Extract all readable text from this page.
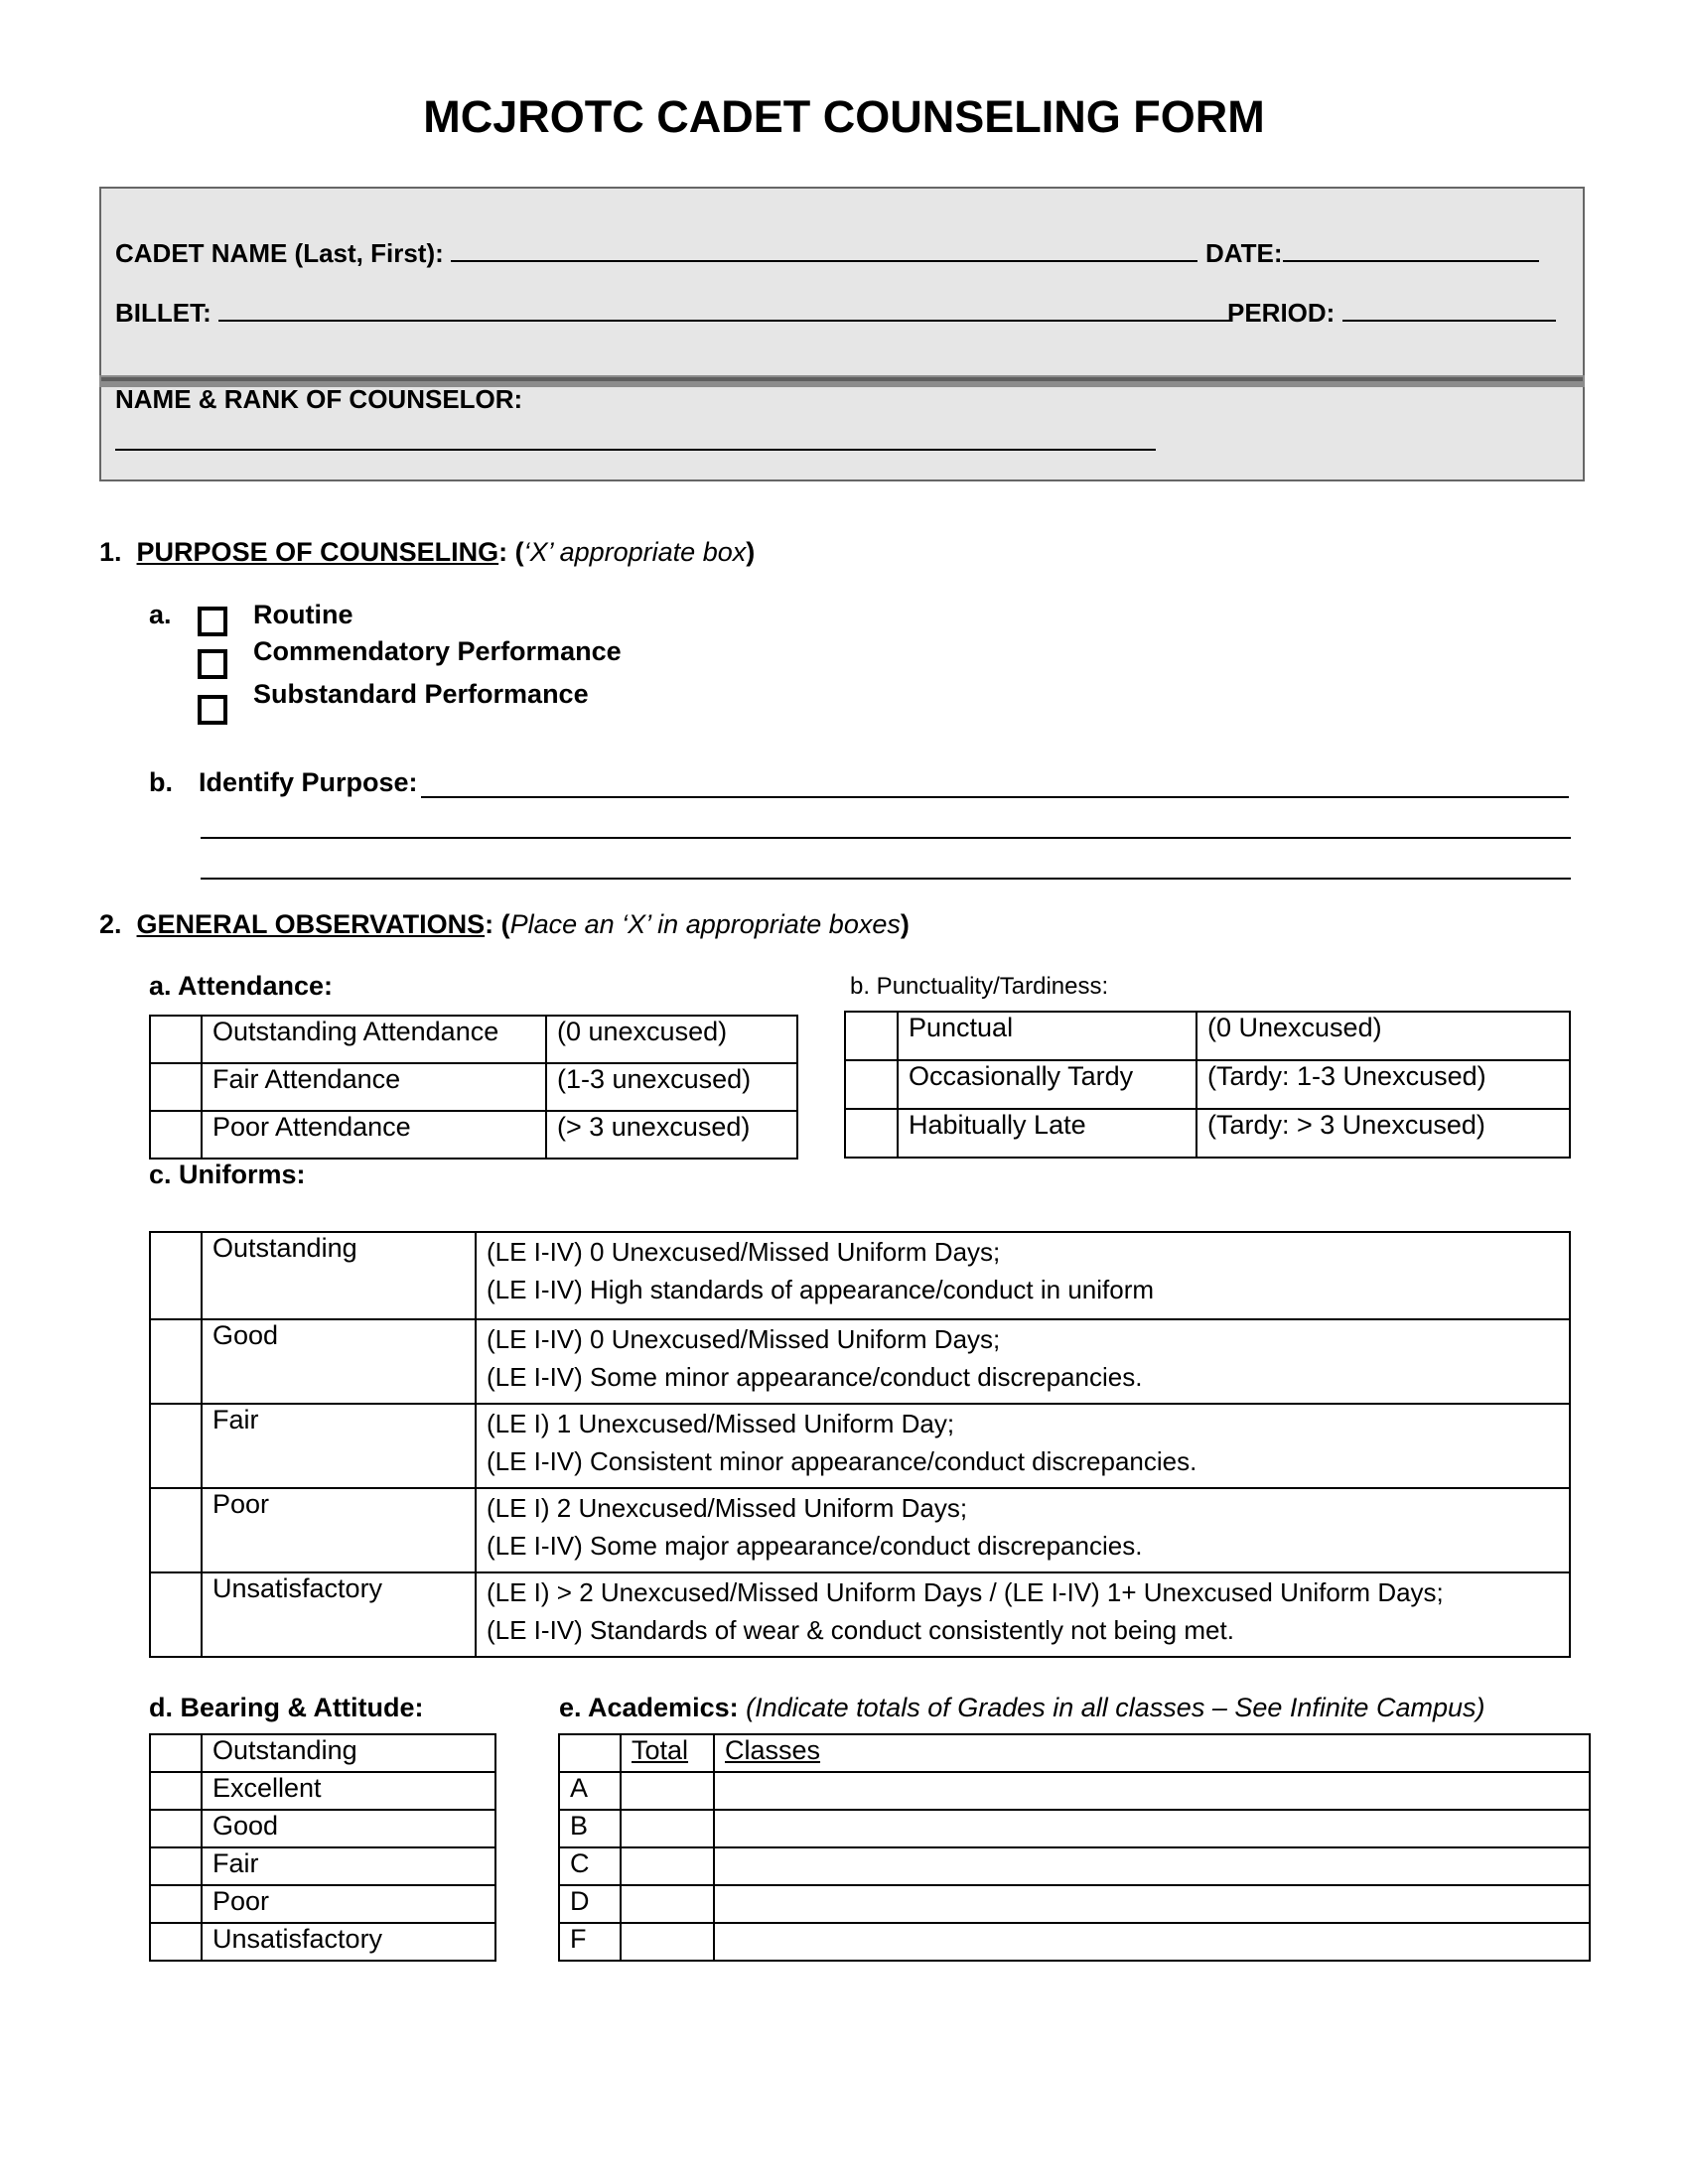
MCJROTC CADET COUNSELING FORM
CADET NAME (Last, First):	DATE:
BILLET:	PERIOD:
NAME & RANK OF COUNSELOR:
1. PURPOSE OF COUNSELING: (‘X’ appropriate box)
a.	Routine
Commendatory Performance
Substandard Performance
b. Identify Purpose:
2. GENERAL OBSERVATIONS: (Place an ‘X’ in appropriate boxes)
a. Attendance:
	Outstanding Attendance	(0 unexcused)
	Fair Attendance	(1-3 unexcused)
	Poor Attendance	(> 3 unexcused)
b. Punctuality/Tardiness:
	Punctual	(0 Unexcused)
	Occasionally Tardy	(Tardy: 1-3 Unexcused)
	Habitually Late	(Tardy: > 3 Unexcused)
c. Uniforms:
	Outstanding	(LE I-IV) 0 Unexcused/Missed Uniform Days;
(LE I-IV) High standards of appearance/conduct in uniform

	Good	(LE I-IV) 0 Unexcused/Missed Uniform Days;
(LE I-IV) Some minor appearance/conduct discrepancies.

	Fair	(LE I) 1 Unexcused/Missed Uniform Day;
(LE I-IV) Consistent minor appearance/conduct discrepancies.

	Poor	(LE I) 2 Unexcused/Missed Uniform Days;
(LE I-IV) Some major appearance/conduct discrepancies.

	Unsatisfactory	(LE I) > 2 Unexcused/Missed Uniform Days / (LE I-IV) 1+ Unexcused Uniform Days;
(LE I-IV) Standards of wear & conduct consistently not being met.
d. Bearing & Attitude:
	Outstanding
	Excellent
	Good
	Fair
	Poor
	Unsatisfactory
e. Academics: (Indicate totals of Grades in all classes – See Infinite Campus)
	Total	Classes
A		
B		
C		
D		
F		
